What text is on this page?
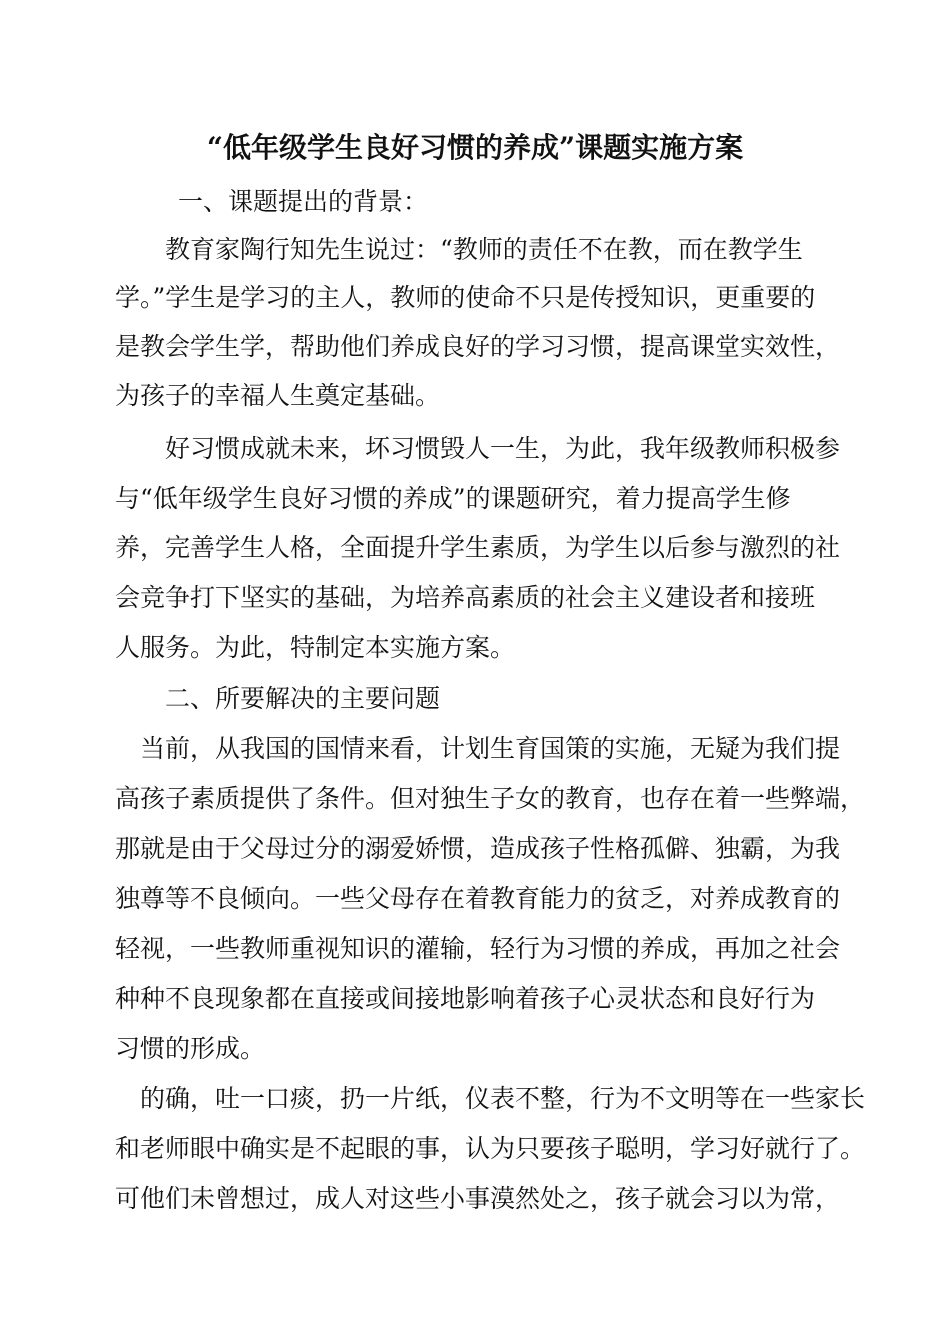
“低年级学生良好习惯的养成”课题实施方案
一、课题提出的背景：
教育家陶行知先生说过：“教师的责任不在教，而在教学生
学。”学生是学习的主人，教师的使命不只是传授知识，更重要的
是教会学生学，帮助他们养成良好的学习习惯，提高课堂实效性，
为孩子的幸福人生奠定基础。
好习惯成就未来，坏习惯毁人一生，为此，我年级教师积极参
与“低年级学生良好习惯的养成”的课题研究，着力提高学生修
养，完善学生人格，全面提升学生素质，为学生以后参与激烈的社
会竞争打下坚实的基础，为培养高素质的社会主义建设者和接班
人服务。为此，特制定本实施方案。
二、所要解决的主要问题
当前，从我国的国情来看，计划生育国策的实施，无疑为我们提
高孩子素质提供了条件。但对独生子女的教育，也存在着一些弊端，
那就是由于父母过分的溺爱娇惯，造成孩子性格孤僻、独霸，为我
独尊等不良倾向。一些父母存在着教育能力的贫乏，对养成教育的
轻视，一些教师重视知识的灌输，轻行为习惯的养成，再加之社会
种种不良现象都在直接或间接地影响着孩子心灵状态和良好行为
习惯的形成。
的确，吐一口痰，扔一片纸，仪表不整，行为不文明等在一些家长
和老师眼中确实是不起眼的事，认为只要孩子聪明，学习好就行了。
可他们未曾想过，成人对这些小事漠然处之，孩子就会习以为常，
